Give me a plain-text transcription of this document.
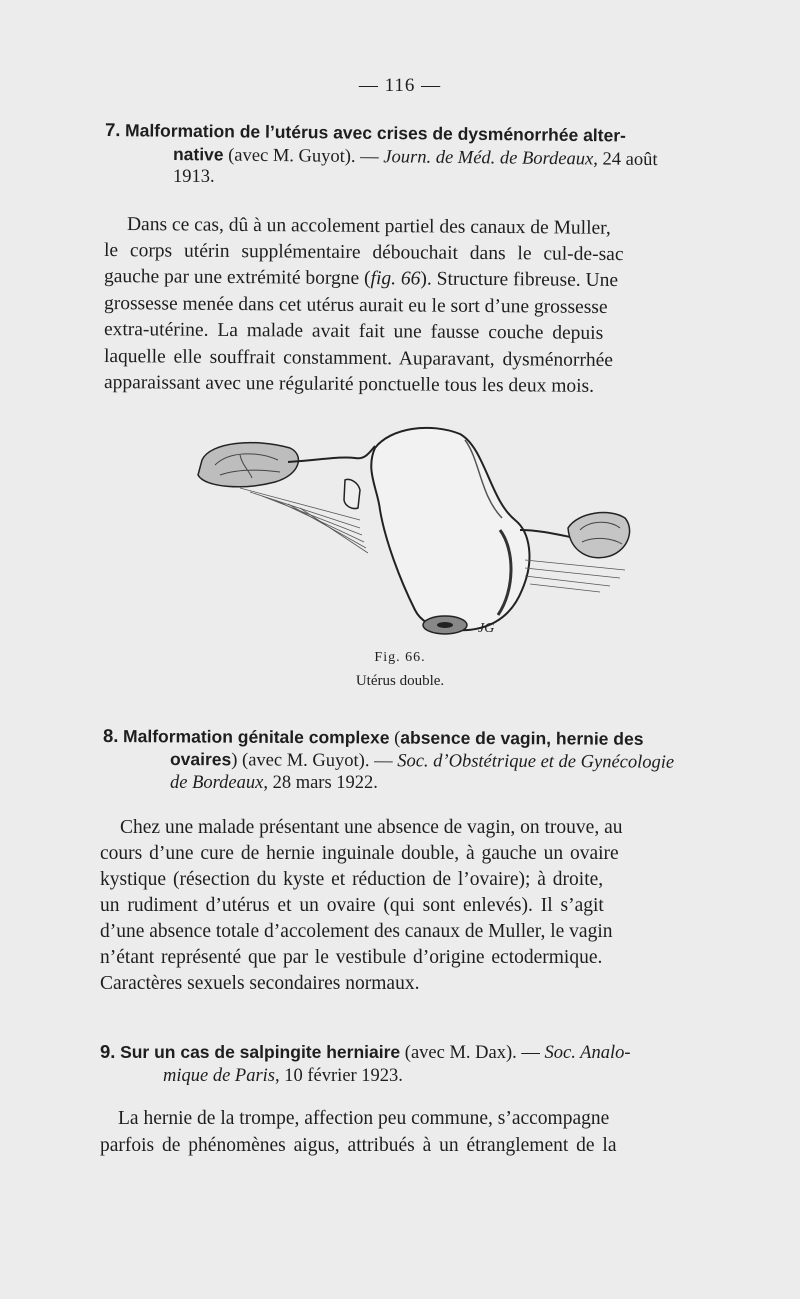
— 116 —
7. Malformation de l’utérus avec crises de dysménorrhée alter-
native (avec M. Guyot). — Journ. de Méd. de Bordeaux, 24 août
1913.
Dans ce cas, dû à un accolement partiel des canaux de Muller,
le corps utérin supplémentaire débouchait dans le cul-de-sac
gauche par une extrémité borgne (fig. 66). Structure fibreuse. Une
grossesse menée dans cet utérus aurait eu le sort d’une grossesse
extra-utérine. La malade avait fait une fausse couche depuis
laquelle elle souffrait constamment. Auparavant, dysménorrhée
apparaissant avec une régularité ponctuelle tous les deux mois.
JG
Fig. 66.
Utérus double.
8. Malformation génitale complexe (absence de vagin, hernie des
ovaires) (avec M. Guyot). — Soc. d’Obstétrique et de Gynécologie
de Bordeaux, 28 mars 1922.
Chez une malade présentant une absence de vagin, on trouve, au
cours d’une cure de hernie inguinale double, à gauche un ovaire
kystique (résection du kyste et réduction de l’ovaire); à droite,
un rudiment d’utérus et un ovaire (qui sont enlevés). Il s’agit
d’une absence totale d’accolement des canaux de Muller, le vagin
n’étant représenté que par le vestibule d’origine ectodermique.
Caractères sexuels secondaires normaux.
9. Sur un cas de salpingite herniaire (avec M. Dax). — Soc. Analo-
mique de Paris, 10 février 1923.
La hernie de la trompe, affection peu commune, s’accompagne
parfois de phénomènes aigus, attribués à un étranglement de la
